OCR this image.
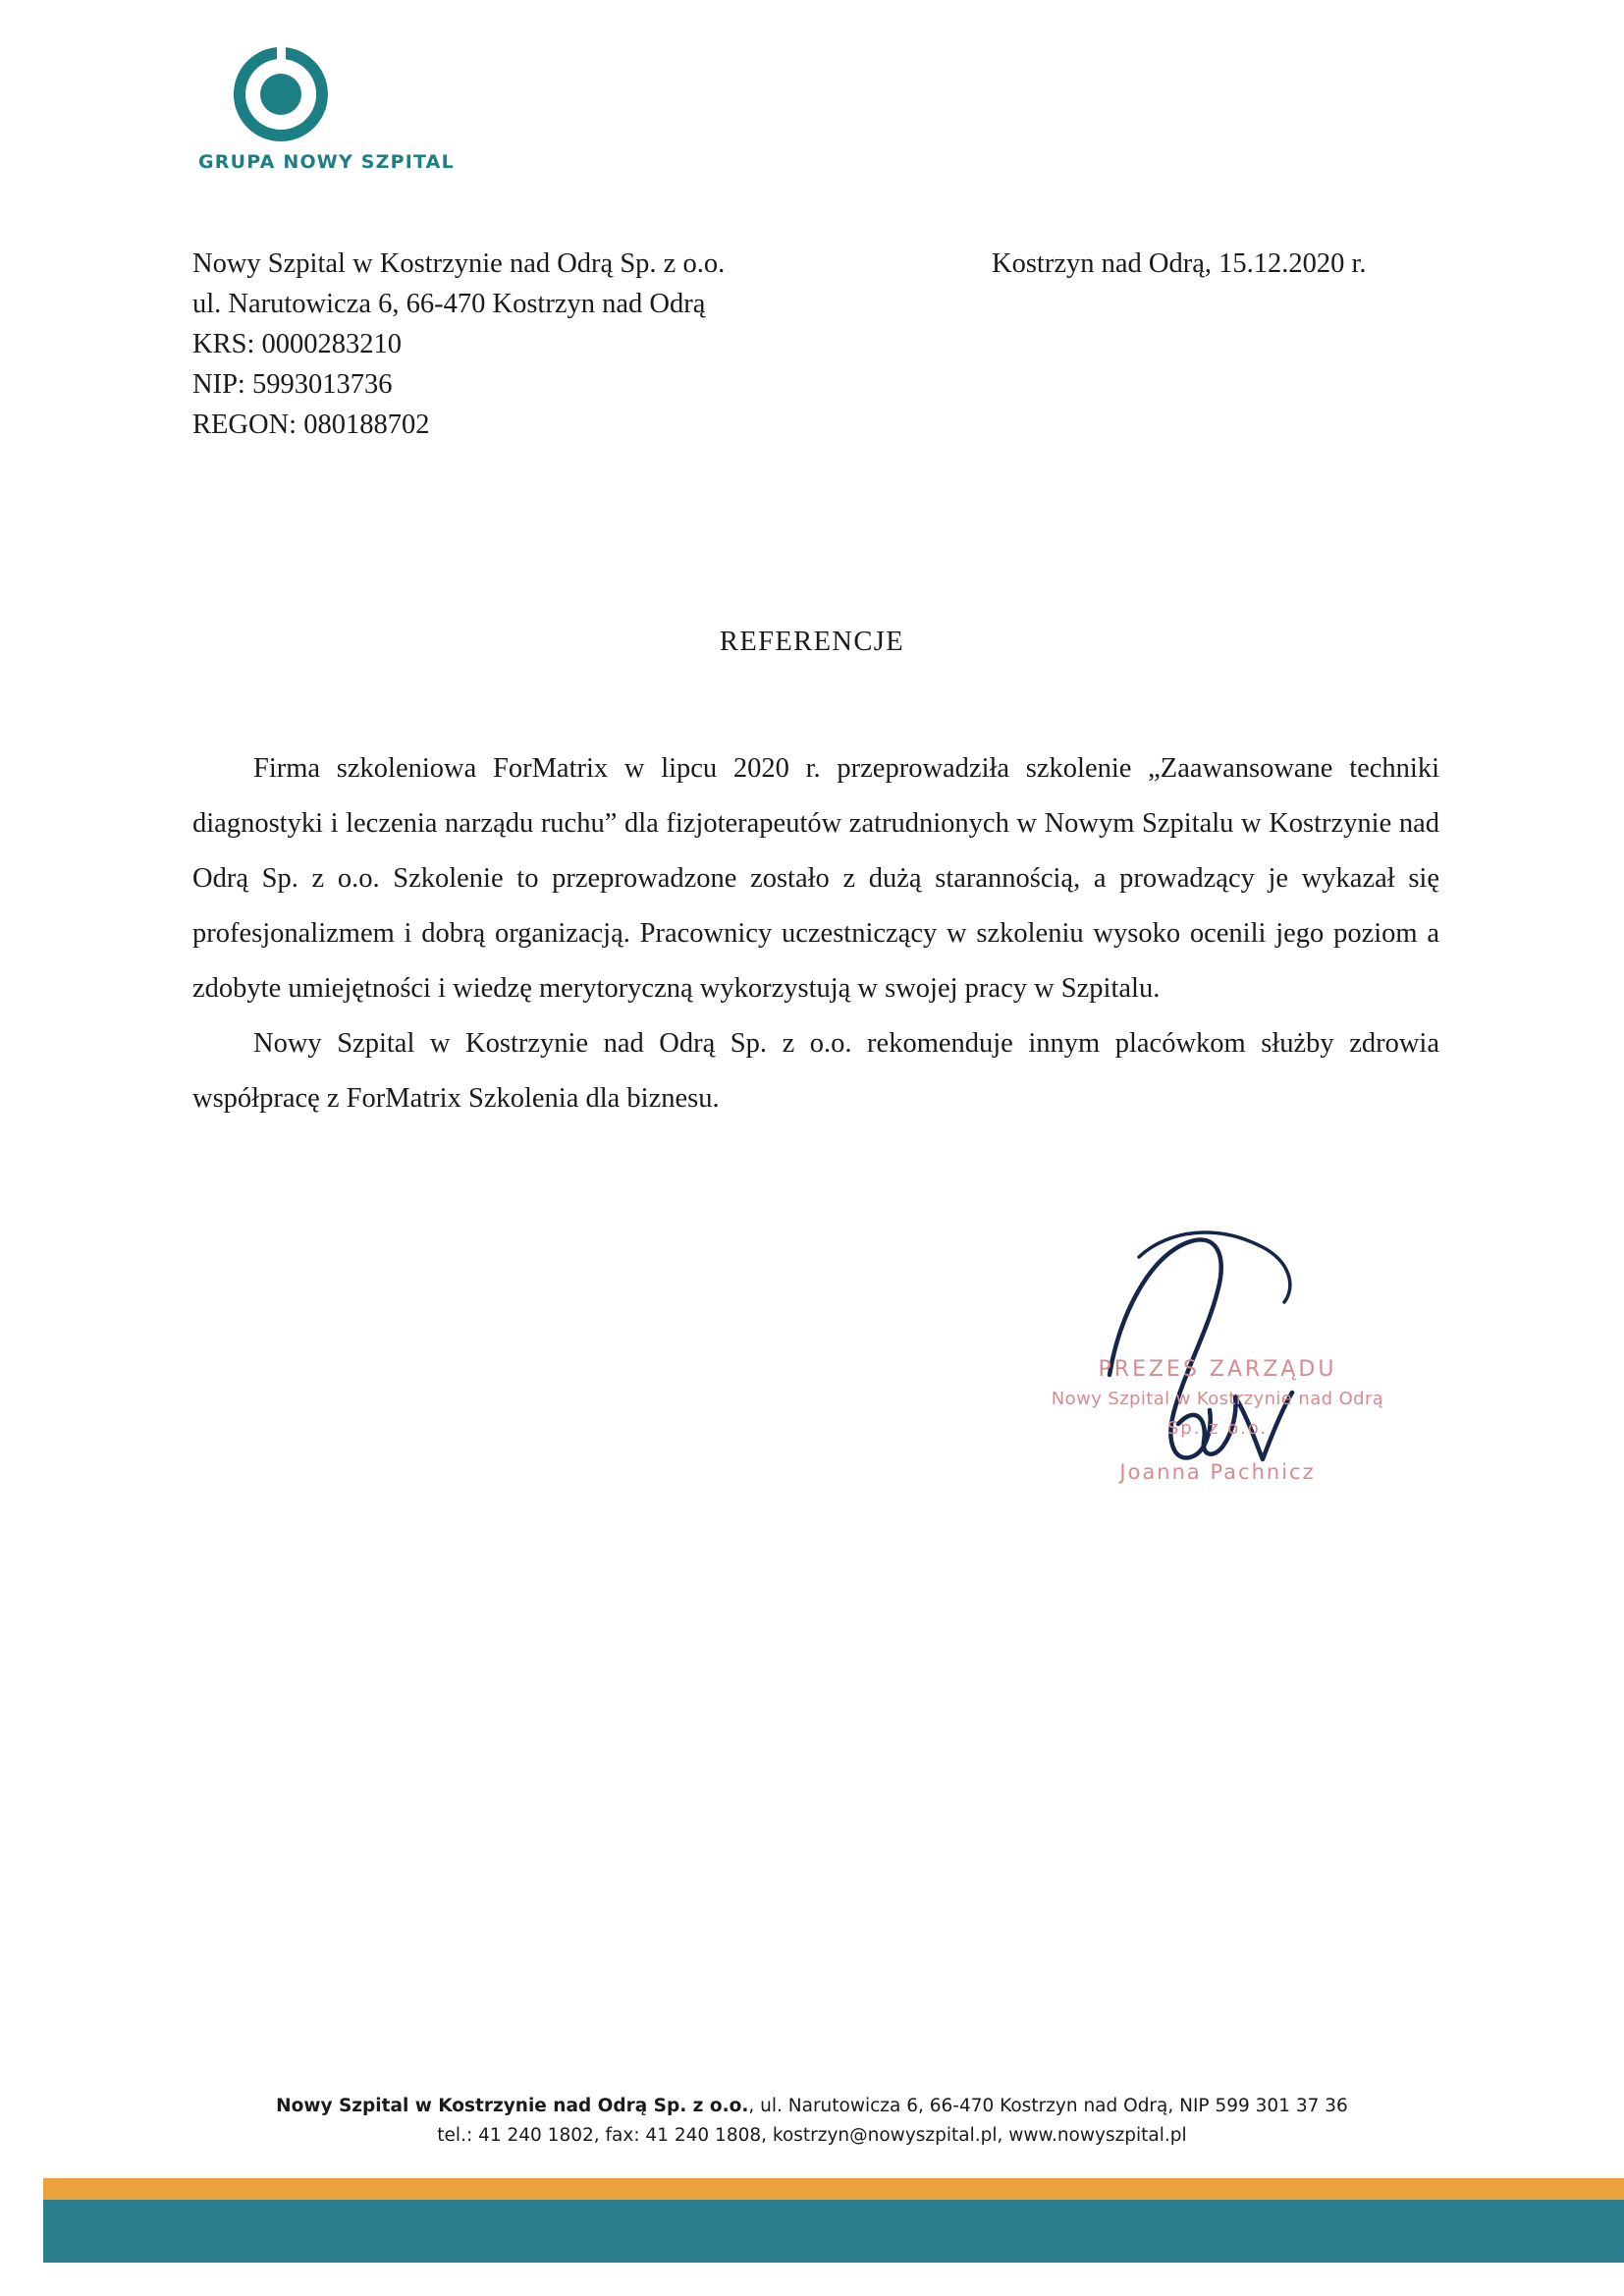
GRUPA NOWY SZPITAL
Nowy Szpital w Kostrzynie nad Odrą Sp. z o.o.
ul. Narutowicza 6, 66-470 Kostrzyn nad Odrą
KRS: 0000283210
NIP: 5993013736
REGON: 080188702
Kostrzyn nad Odrą, 15.12.2020 r.
REFERENCJE

Firma szkoleniowa ForMatrix w lipcu 2020 r. przeprowadziła szkolenie „Zaawansowane techniki diagnostyki i leczenia narządu ruchu” dla fizjoterapeutów zatrudnionych w Nowym Szpitalu w Kostrzynie nad Odrą Sp. z o.o. Szkolenie to przeprowadzone zostało z dużą starannością, a prowadzący je wykazał się profesjonalizmem i dobrą organizacją. Pracownicy uczestniczący w szkoleniu wysoko ocenili jego poziom a zdobyte umiejętności i wiedzę merytoryczną wykorzystują w swojej pracy w Szpitalu.

Nowy Szpital w Kostrzynie nad Odrą Sp. z o.o. rekomenduje innym placówkom służby zdrowia współpracę z ForMatrix Szkolenia dla biznesu.

PREZES ZARZĄDU
Nowy Szpital w Kostrzynie nad Odrą
Sp. z o.o.
Joanna Pachnicz
Nowy Szpital w Kostrzynie nad Odrą Sp. z o.o., ul. Narutowicza 6, 66-470 Kostrzyn nad Odrą, NIP 599 301 37 36
tel.: 41 240 1802, fax: 41 240 1808, kostrzyn@nowyszpital.pl, www.nowyszpital.pl
